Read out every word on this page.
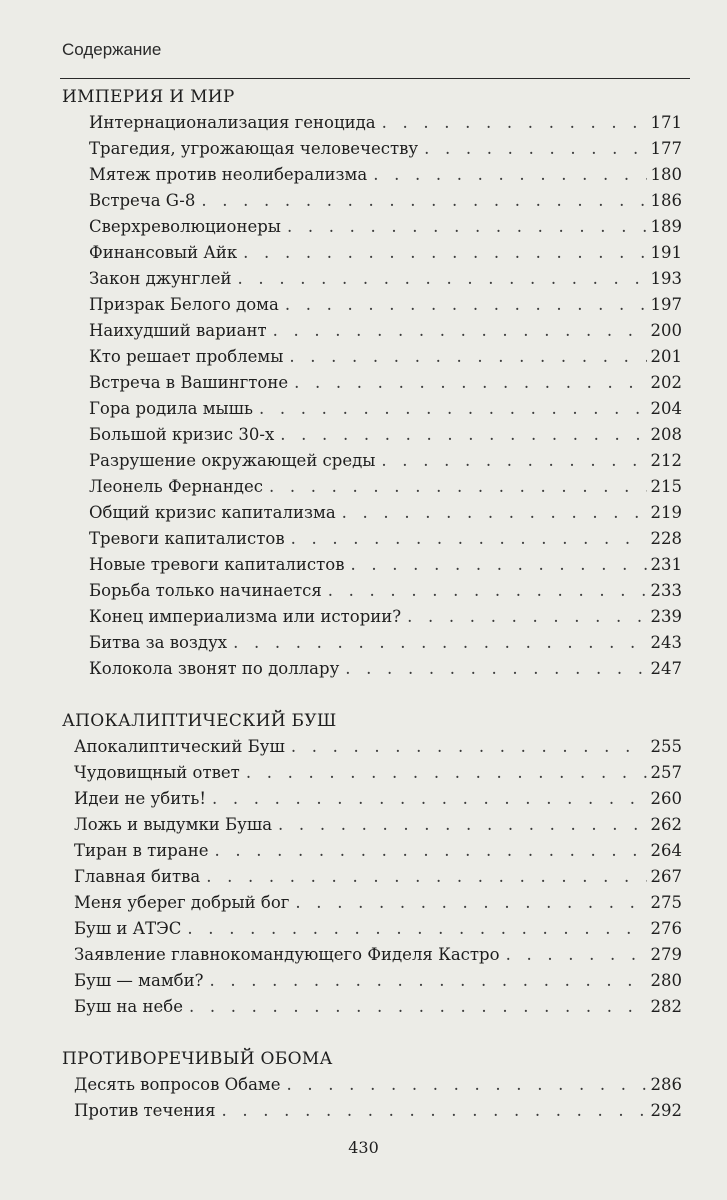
Содержание
ИМПЕРИЯ И МИР
Интернационализация геноцида . . .	171
Трагедия, угрожающая человечеству . . .	177
Мятеж против неолиберализма . . .	180
Встреча G-8 . . .	186
Сверхреволюционеры . . .	189
Финансовый Айк . . .	191
Закон джунглей . . .	193
Призрак Белого дома . . .	197
Наихудший вариант . . .	200
Кто решает проблемы . . .	201
Встреча в Вашингтоне . . .	202
Гора родила мышь . . .	204
Большой кризис 30-х . . .	208
Разрушение окружающей среды . . .	212
Леонель Фернандес . . .	215
Общий кризис капитализма . . .	219
Тревоги капиталистов . . .	228
Новые тревоги капиталистов . . .	231
Борьба только начинается . . .	233
Конец империализма или истории? . . .	239
Битва за воздух . . .	243
Колокола звонят по доллару . . .	247
АПОКАЛИПТИЧЕСКИЙ БУШ
Апокалиптический Буш . . .	255
Чудовищный ответ . . .	257
Идеи не убить! . . .	260
Ложь и выдумки Буша . . .	262
Тиран в тиране . . .	264
Главная битва . . .	267
Меня уберег добрый бог . . .	275
Буш и АТЭС . . .	276
Заявление главнокомандующего Фиделя Кастро . . .	279
Буш — мамби? . . .	280
Буш на небе . . .	282
ПРОТИВОРЕЧИВЫЙ ОБОМА
Десять вопросов Обаме . . .	286
Против течения . . .	292
430
